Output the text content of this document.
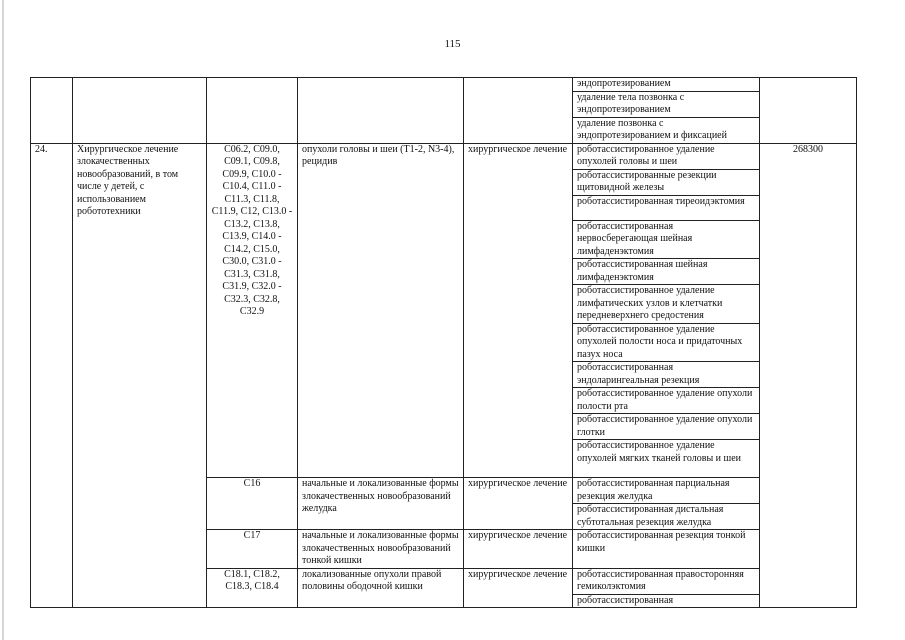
115
					эндопротезированием	
					удаление тела позвонка с эндопротезированием	
					удаление позвонка с эндопротезированием и фиксацией	
24.	Хирургическое лечение злокачественных новообразований, в том числе у детей, с использованием робототехники	C06.2, C09.0, C09.1, C09.8, C09.9, C10.0 - C10.4, C11.0 - C11.3, C11.8, C11.9, C12, C13.0 - C13.2, C13.8, C13.9, C14.0 - C14.2, C15.0, C30.0, C31.0 - C31.3, C31.8, C31.9, C32.0 - C32.3, C32.8, C32.9	опухоли головы и шеи (T1-2, N3-4), рецидив	хирургическое лечение	роботассистированное удаление опухолей головы и шеи	268300
					роботассистированные резекции щитовидной железы	
					роботассистированная тиреоидэктомия	
					роботассистированная нервосберегающая шейная лимфаденэктомия	
					роботассистированная шейная лимфаденэктомия	
					роботассистированное удаление лимфатических узлов и клетчатки передневерхнего средостения	
					роботассистированное удаление опухолей полости носа и придаточных пазух носа	
					роботассистированная эндоларингеальная резекция	
					роботассистированное удаление опухоли полости рта	
					роботассистированное удаление опухоли глотки	
					роботассистированное удаление опухолей мягких тканей головы и шеи	
		C16	начальные и локализованные формы злокачественных новообразований желудка	хирургическое лечение	роботассистированная парциальная резекция желудка	
					роботассистированная дистальная субтотальная резекция желудка	
		C17	начальные и локализованные формы злокачественных новообразований тонкой кишки	хирургическое лечение	роботассистированная резекция тонкой кишки	
		C18.1, C18.2, C18.3, C18.4	локализованные опухоли правой половины ободочной кишки	хирургическое лечение	роботассистированная правосторонняя гемиколэктомия	
					роботассистированная	
